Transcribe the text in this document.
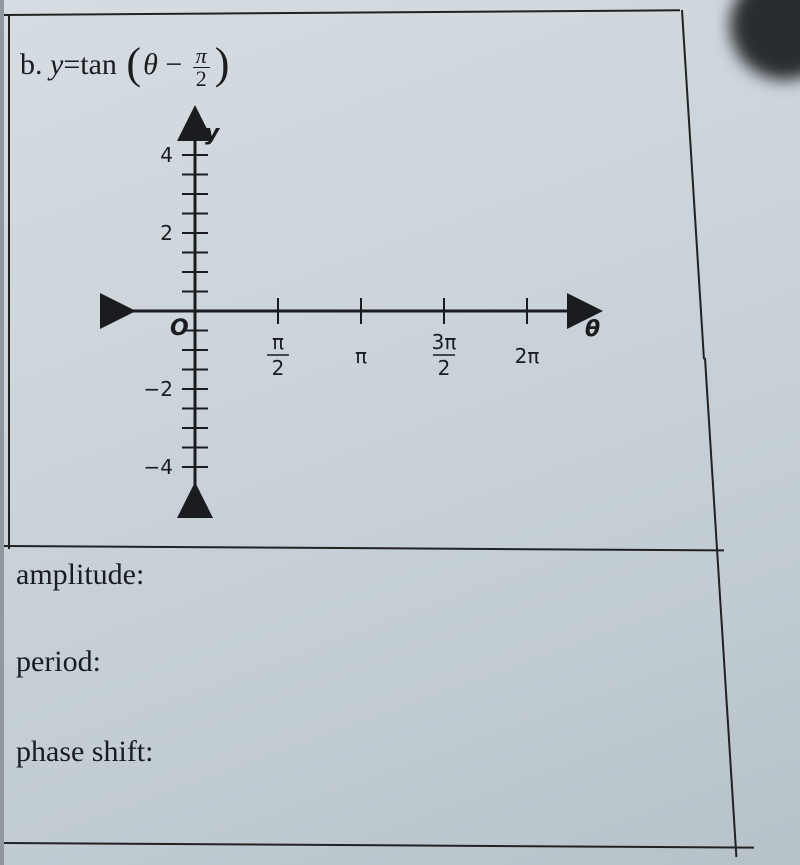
b. y=tan ($\theta - \frac{\pi}{2}$ )
4
2
−2
−4
π
2	π
3π
2	2π
O
y
θ
amplitude:
period:
phase shift:
